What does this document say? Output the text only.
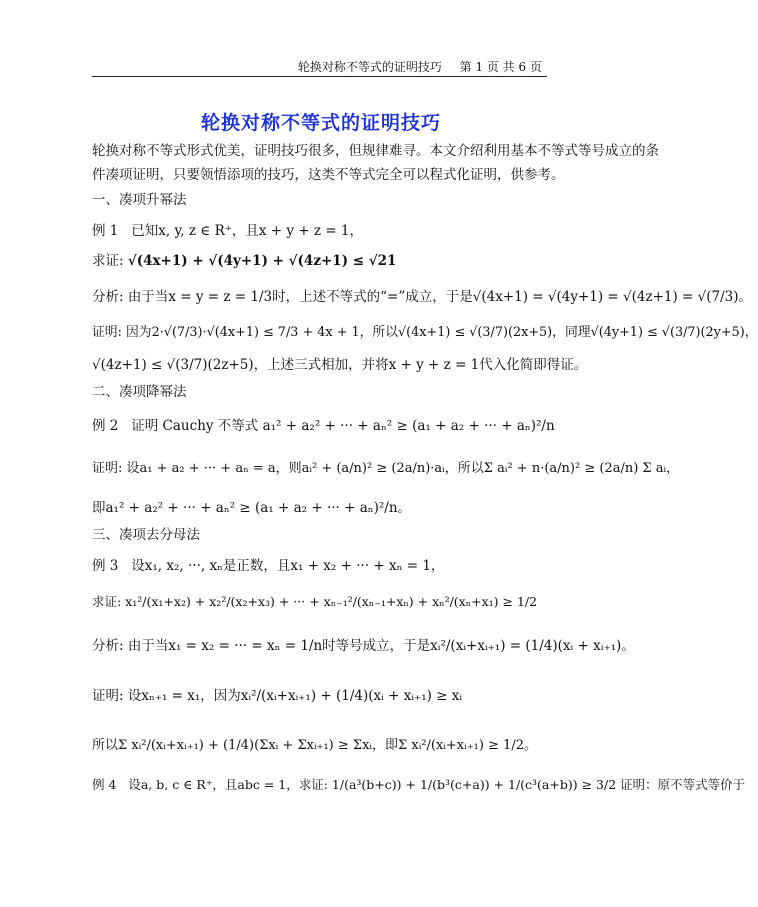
轮换对称不等式的证明技巧 第 1 页 共 6 页
轮换对称不等式的证明技巧
轮换对称不等式形式优美，证明技巧很多，但规律难寻。本文介绍利用基本不等式等号成立的条
件凑项证明，只要领悟添项的技巧，这类不等式完全可以程式化证明，供参考。
一、凑项升幂法
例 1 已知x, y, z ∈ R⁺，且x + y + z = 1，
求证: √(4x+1) + √(4y+1) + √(4z+1) ≤ √21
分析: 由于当x = y = z = 1/3时，上述不等式的“=”成立，于是√(4x+1) = √(4y+1) = √(4z+1) = √(7/3)。
证明: 因为2·√(7/3)·√(4x+1) ≤ 7/3 + 4x + 1，所以√(4x+1) ≤ √(3/7)(2x+5)，同理√(4y+1) ≤ √(3/7)(2y+5)，
√(4z+1) ≤ √(3/7)(2z+5)，上述三式相加，并将x + y + z = 1代入化简即得证。
二、凑项降幂法
例 2 证明 Cauchy 不等式 a₁² + a₂² + ··· + aₙ² ≥ (a₁ + a₂ + ··· + aₙ)²/n
证明: 设a₁ + a₂ + ··· + aₙ = a，则aᵢ² + (a/n)² ≥ (2a/n)·aᵢ，所以Σ aᵢ² + n·(a/n)² ≥ (2a/n) Σ aᵢ，
即a₁² + a₂² + ··· + aₙ² ≥ (a₁ + a₂ + ··· + aₙ)²/n。
三、凑项去分母法
例 3 设x₁, x₂, ···, xₙ是正数，且x₁ + x₂ + ··· + xₙ = 1，
求证: x₁²/(x₁+x₂) + x₂²/(x₂+x₃) + ··· + xₙ₋₁²/(xₙ₋₁+xₙ) + xₙ²/(xₙ+x₁) ≥ 1/2
分析: 由于当x₁ = x₂ = ··· = xₙ = 1/n时等号成立，于是xᵢ²/(xᵢ+xᵢ₊₁) = (1/4)(xᵢ + xᵢ₊₁)。
证明: 设xₙ₊₁ = x₁，因为xᵢ²/(xᵢ+xᵢ₊₁) + (1/4)(xᵢ + xᵢ₊₁) ≥ xᵢ
所以Σ xᵢ²/(xᵢ+xᵢ₊₁) + (1/4)(Σxᵢ + Σxᵢ₊₁) ≥ Σxᵢ，即Σ xᵢ²/(xᵢ+xᵢ₊₁) ≥ 1/2。
例 4 设a, b, c ∈ R⁺，且abc = 1，求证: 1/(a³(b+c)) + 1/(b³(c+a)) + 1/(c³(a+b)) ≥ 3/2 证明：原不等式等价于
